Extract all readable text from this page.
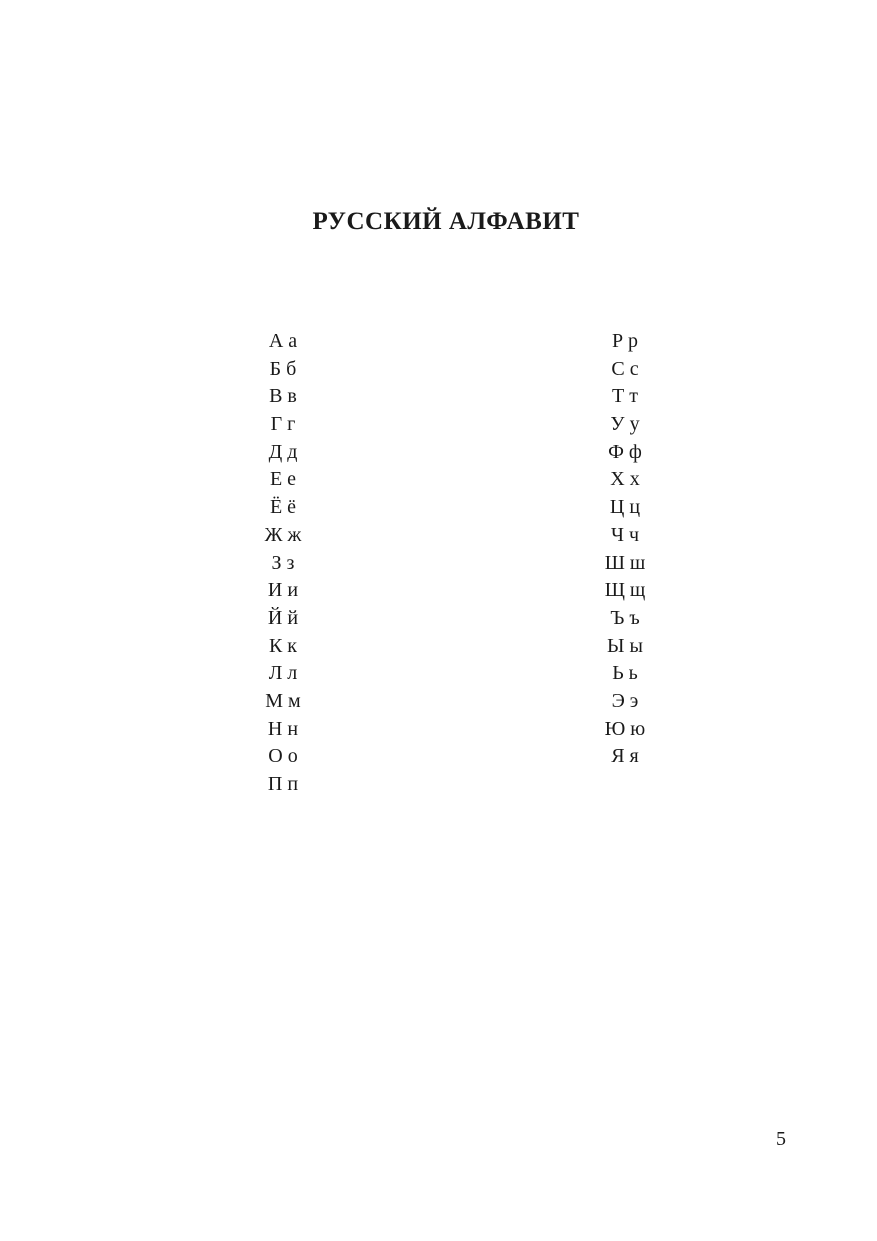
РУССКИЙ АЛФАВИТ
А а
Б б
В в
Г г
Д д
Е е
Ё ё
Ж ж
З з
И и
Й й
К к
Л л
М м
Н н
О о
П п
Р р
С с
Т т
У у
Ф ф
Х х
Ц ц
Ч ч
Ш ш
Щ щ
Ъ ъ
Ы ы
Ь ь
Э э
Ю ю
Я я

5
